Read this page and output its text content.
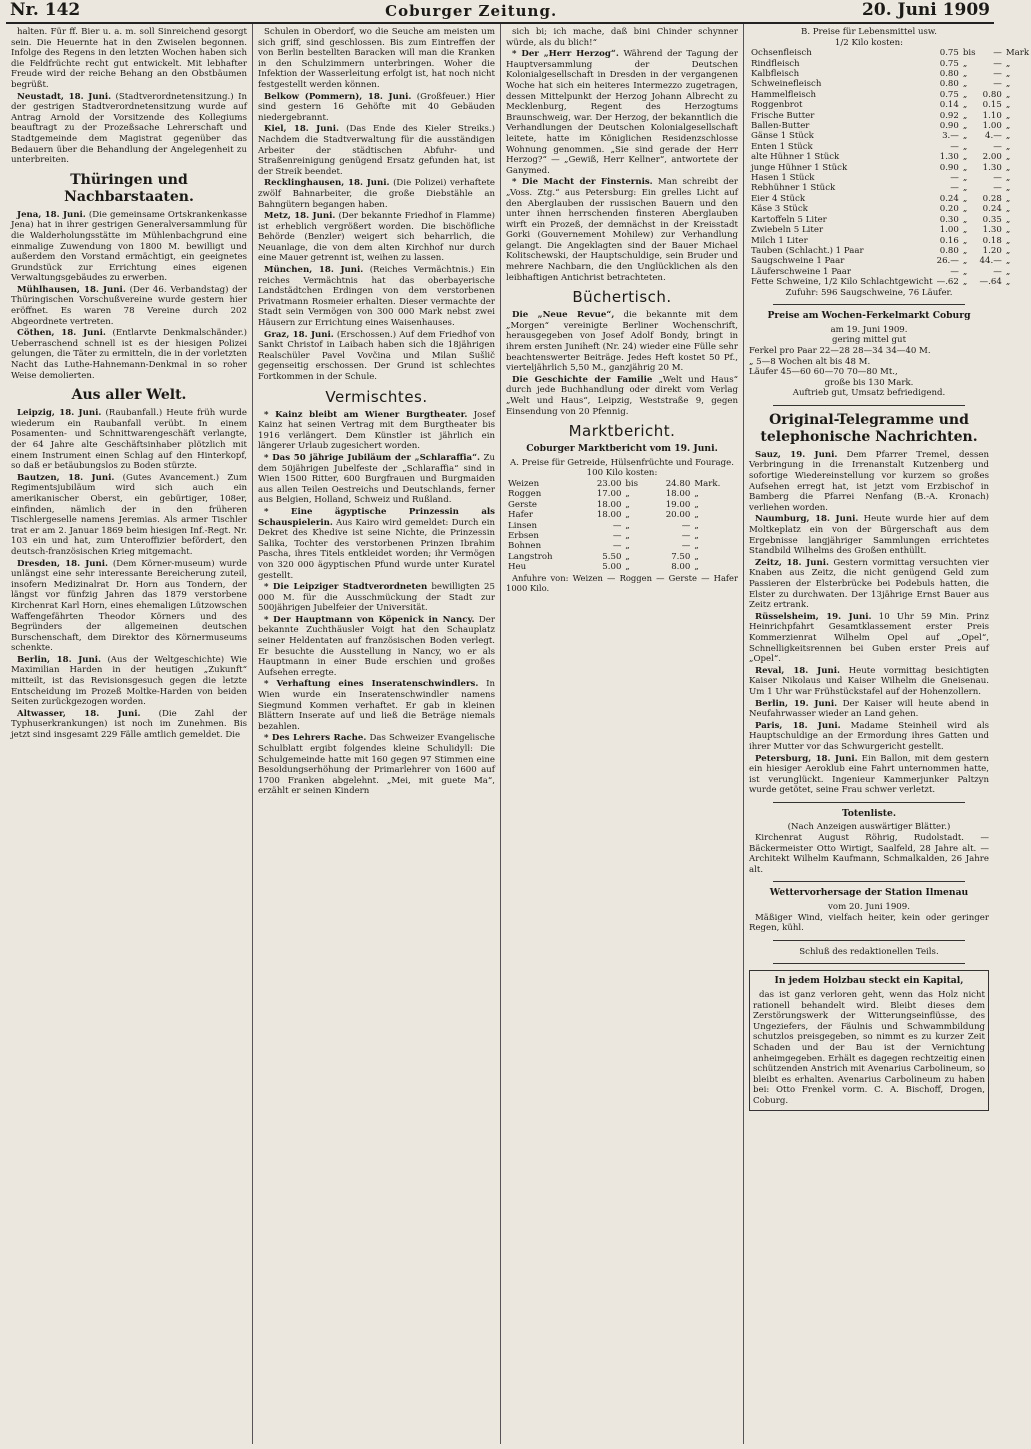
Nr. 142	Coburger Zeitung.	20. Juni 1909

halten. Für ff. Bier u. a. m. soll Sinreichend gesorgt sein. Die Heuernte hat in den Zwiselen begonnen. Infolge des Regens in den letzten Wochen haben sich die Feldfrüchte recht gut entwickelt. Mit lebhafter Freude wird der reiche Behang an den Obstbäumen begrüßt.

Neustadt, 18. Juni. (Stadtverordnetensitzung.) In der gestrigen Stadtverordnetensitzung wurde auf Antrag Arnold der Vorsitzende des Kollegiums beauftragt zu der Prozeßsache Lehrerschaft und Stadtgemeinde dem Magistrat gegenüber das Bedauern über die Behandlung der Angelegenheit zu unterbreiten.

Thüringen und Nachbarstaaten.

Jena, 18. Juni. (Die gemeinsame Ortskrankenkasse Jena) hat in ihrer gestrigen Generalversammlung für die Walderholungsstätte im Mühlenbachgrund eine einmalige Zuwendung von 1800 M. bewilligt und außerdem den Vorstand ermächtigt, ein geeignetes Grundstück zur Errichtung eines eigenen Verwaltungsgebäudes zu erwerben.

Mühlhausen, 18. Juni. (Der 46. Verbandstag) der Thüringischen Vorschußvereine wurde gestern hier eröffnet. Es waren 78 Vereine durch 202 Abgeordnete vertreten.

Cöthen, 18. Juni. (Entlarvte Denkmalschänder.) Ueberraschend schnell ist es der hiesigen Polizei gelungen, die Täter zu ermitteln, die in der vorletzten Nacht das Luthe-Hahnemann-Denkmal in so roher Weise demolierten.

Aus aller Welt.

Leipzig, 18. Juni. (Raubanfall.) Heute früh wurde wiederum ein Raubanfall verübt. In einem Posamenten- und Schnittwarengeschäft verlangte, der 64 Jahre alte Geschäftsinhaber plötzlich mit einem Instrument einen Schlag auf den Hinterkopf, so daß er betäubungslos zu Boden stürzte.

Bautzen, 18. Juni. (Gutes Avancement.) Zum Regimentsjubiläum wird sich auch ein amerikanischer Oberst, ein gebürtiger, 108er, einfinden, nämlich der in den früheren Tischlergeselle namens Jeremias. Als armer Tischler trat er am 2. Januar 1869 beim hiesigen Inf.-Regt. Nr. 103 ein und hat, zum Unteroffizier befördert, den deutsch-französischen Krieg mitgemacht.

Dresden, 18. Juni. (Dem Körner-museum) wurde unlängst eine sehr interessante Bereicherung zuteil, insofern Medizinalrat Dr. Horn aus Tondern, der längst vor fünfzig Jahren das 1879 verstorbene Kirchenrat Karl Horn, eines ehemaligen Lützowschen Waffengefährten Theodor Körners und des Begründers der allgemeinen deutschen Burschenschaft, dem Direktor des Körnermuseums schenkte.

Berlin, 18. Juni. (Aus der Weltgeschichte) Wie Maximilian Harden in der heutigen „Zukunft“ mitteilt, ist das Revisionsgesuch gegen die letzte Entscheidung im Prozeß Moltke-Harden von beiden Seiten zurückgezogen worden.

Altwasser, 18. Juni. (Die Zahl der Typhuserkrankungen) ist noch im Zunehmen. Bis jetzt sind insgesamt 229 Fälle amtlich gemeldet. Die

Schulen in Oberdorf, wo die Seuche am meisten um sich griff, sind geschlossen. Bis zum Eintreffen der von Berlin bestellten Baracken will man die Kranken in den Schulzimmern unterbringen. Woher die Infektion der Wasserleitung erfolgt ist, hat noch nicht festgestellt werden können.

Belkow (Pommern), 18. Juni. (Großfeuer.) Hier sind gestern 16 Gehöfte mit 40 Gebäuden niedergebrannt.

Kiel, 18. Juni. (Das Ende des Kieler Streiks.) Nachdem die Stadtverwaltung für die ausständigen Arbeiter der städtischen Abfuhr- und Straßenreinigung genügend Ersatz gefunden hat, ist der Streik beendet.

Recklinghausen, 18. Juni. (Die Polizei) verhaftete zwölf Bahnarbeiter, die große Diebstähle an Bahngütern begangen haben.

Metz, 18. Juni. (Der bekannte Friedhof in Flamme) ist erheblich vergrößert worden. Die bischöfliche Behörde (Benzler) weigert sich beharrlich, die Neuanlage, die von dem alten Kirchhof nur durch eine Mauer getrennt ist, weihen zu lassen.

München, 18. Juni. (Reiches Vermächtnis.) Ein reiches Vermächtnis hat das oberbayerische Landstädtchen Erdingen von dem verstorbenen Privatmann Rosmeier erhalten. Dieser vermachte der Stadt sein Vermögen von 300 000 Mark nebst zwei Häusern zur Errichtung eines Waisenhauses.

Graz, 18. Juni. (Erschossen.) Auf dem Friedhof von Sankt Christof in Laibach haben sich die 18jährigen Realschüler Pavel Vovčina und Milan Sušlič gegenseitig erschossen. Der Grund ist schlechtes Fortkommen in der Schule.

Vermischtes.

* Kainz bleibt am Wiener Burgtheater. Josef Kainz hat seinen Vertrag mit dem Burgtheater bis 1916 verlängert. Dem Künstler ist jährlich ein längerer Urlaub zugesichert worden.

* Das 50 jährige Jubiläum der „Schlaraffia“. Zu dem 50jährigen Jubelfeste der „Schlaraffia“ sind in Wien 1500 Ritter, 600 Burgfrauen und Burgmaiden aus allen Teilen Oestreichs und Deutschlands, ferner aus Belgien, Holland, Schweiz und Rußland.

* Eine ägyptische Prinzessin als Schauspielerin. Aus Kairo wird gemeldet: Durch ein Dekret des Khedive ist seine Nichte, die Prinzessin Salika, Tochter des verstorbenen Prinzen Ibrahim Pascha, ihres Titels entkleidet worden; ihr Vermögen von 320 000 ägyptischen Pfund wurde unter Kuratel gestellt.

* Die Leipziger Stadtverordneten bewilligten 25 000 M. für die Ausschmückung der Stadt zur 500jährigen Jubelfeier der Universität.

* Der Hauptmann von Köpenick in Nancy. Der bekannte Zuchthäusler Voigt hat den Schauplatz seiner Heldentaten auf französischen Boden verlegt. Er besuchte die Ausstellung in Nancy, wo er als Hauptmann in einer Bude erschien und großes Aufsehen erregte.

* Verhaftung eines Inseratenschwindlers. In Wien wurde ein Inseratenschwindler namens Siegmund Kommen verhaftet. Er gab in kleinen Blättern Inserate auf und ließ die Beträge niemals bezahlen.

* Des Lehrers Rache. Das Schweizer Evangelische Schulblatt ergibt folgendes kleine Schulidyll: Die Schulgemeinde hatte mit 160 gegen 97 Stimmen eine Besoldungserhöhung der Primarlehrer von 1600 auf 1700 Franken abgelehnt. „Mei, mit guete Ma“, erzählt er seinen Kindern

sich bi; ich mache, daß bini Chinder schynner würde, als du blich!“

* Der „Herr Herzog“. Während der Tagung der Hauptversammlung der Deutschen Kolonialgesellschaft in Dresden in der vergangenen Woche hat sich ein heiteres Intermezzo zugetragen, dessen Mittelpunkt der Herzog Johann Albrecht zu Mecklenburg, Regent des Herzogtums Braunschweig, war. Der Herzog, der bekanntlich die Verhandlungen der Deutschen Kolonialgesellschaft leitete, hatte im Königlichen Residenzschlosse Wohnung genommen. „Sie sind gerade der Herr Herzog?“ — „Gewiß, Herr Kellner“, antwortete der Ganymed.

* Die Macht der Finsternis. Man schreibt der „Voss. Ztg.“ aus Petersburg: Ein grelles Licht auf den Aberglauben der russischen Bauern und den unter ihnen herrschenden finsteren Aberglauben wirft ein Prozeß, der demnächst in der Kreisstadt Gorki (Gouvernement Mohilew) zur Verhandlung gelangt. Die Angeklagten sind der Bauer Michael Kolitschewski, der Hauptschuldige, sein Bruder und mehrere Nachbarn, die den Unglücklichen als den leibhaftigen Antichrist betrachteten.

Büchertisch.

Die „Neue Revue“, die bekannte mit dem „Morgen“ vereinigte Berliner Wochenschrift, herausgegeben von Josef Adolf Bondy, bringt in ihrem ersten Juniheft (Nr. 24) wieder eine Fülle sehr beachtenswerter Beiträge. Jedes Heft kostet 50 Pf., vierteljährlich 5,50 M., ganzjährig 20 M.

Die Geschichte der Familie „Welt und Haus“ durch jede Buchhandlung oder direkt vom Verlag „Welt und Haus“, Leipzig, Weststraße 9, gegen Einsendung von 20 Pfennig.

Marktbericht.
Coburger Marktbericht vom 19. Juni.
A. Preise für Getreide, Hülsenfrüchte und Fourage.
100 Kilo kosten:
Weizen	23.00	bis	24.80	Mark.
Roggen	17.00	„	18.00	„
Gerste	18.00	„	19.00	„
Hafer	18.00	„	20.00	„
Linsen	—	„	—	„
Erbsen	—	„	—	„
Bohnen	—	„	—	„
Langstroh	5.50	„	7.50	„
Heu	5.00	„	8.00	„

Anfuhre von: Weizen — Roggen — Gerste — Hafer 1000 Kilo.

B. Preise für Lebensmittel usw.
1/2 Kilo kosten:
Ochsenfleisch	0.75	bis	—	Mark
Rindfleisch	0.75	„	—	„
Kalbfleisch	0.80	„	—	„
Schweinefleisch	0.80	„	—	„
Hammelfleisch	0.75	„	0.80	„
Roggenbrot	0.14	„	0.15	„
Frische Butter	0.92	„	1.10	„
Ballen-Butter	0.90	„	1.00	„
Gänse 1 Stück	3.—	„	4.—	„
Enten 1 Stück	—	„	—	„
alte Hühner 1 Stück	1.30	„	2.00	„
junge Hühner 1 Stück	0.90	„	1.30	„
Hasen 1 Stück	—	„	—	„
Rebhühner 1 Stück	—	„	—	„
Eier 4 Stück	0.24	„	0.28	„
Käse 3 Stück	0.20	„	0.24	„
Kartoffeln 5 Liter	0.30	„	0.35	„
Zwiebeln 5 Liter	1.00	„	1.30	„
Milch 1 Liter	0.16	„	0.18	„
Tauben (Schlacht.) 1 Paar	0.80	„	1.20	„
Saugschweine 1 Paar	26.—	„	44.—	„
Läuferschweine 1 Paar	—	„	—	„
Fette Schweine, 1/2 Kilo Schlachtgewicht	—.62	„	—.64	„
Zufuhr: 596 Saugschweine, 76 Läufer.
Preise am Wochen-Ferkelmarkt Coburg
am 19. Juni 1909.
gering mittel gut
Ferkel pro Paar 22—28 28—34 34—40 M.
„ 5—8 Wochen alt bis 48 M.
Läufer 45—60 60—70 70—80 Mt.,
große bis 130 Mark.
Auftrieb gut, Umsatz befriedigend.
Original-Telegramme und telephonische Nachrichten.

Sauz, 19. Juni. Dem Pfarrer Tremel, dessen Verbringung in die Irrenanstalt Kutzenberg und sofortige Wiedereinstellung vor kurzem so großes Aufsehen erregt hat, ist jetzt vom Erzbischof in Bamberg die Pfarrei Nenfang (B.-A. Kronach) verliehen worden.

Naumburg, 18. Juni. Heute wurde hier auf dem Moltkeplatz ein von der Bürgerschaft aus dem Ergebnisse langjähriger Sammlungen errichtetes Standbild Wilhelms des Großen enthüllt.

Zeitz, 18. Juni. Gestern vormittag versuchten vier Knaben aus Zeitz, die nicht genügend Geld zum Passieren der Elsterbrücke bei Podebuls hatten, die Elster zu durchwaten. Der 13jährige Ernst Bauer aus Zeitz ertrank.

Rüsselsheim, 19. Juni. 10 Uhr 59 Min. Prinz Heinrichpfahrt Gesamtklassement erster Preis Kommerzienrat Wilhelm Opel auf „Opel“, Schnelligkeitsrennen bei Guben erster Preis auf „Opel“.

Reval, 18. Juni. Heute vormittag besichtigten Kaiser Nikolaus und Kaiser Wilhelm die Gneisenau. Um 1 Uhr war Frühstückstafel auf der Hohenzollern.

Berlin, 19. Juni. Der Kaiser will heute abend in Neufahrwasser wieder an Land gehen.

Paris, 18. Juni. Madame Steinheil wird als Hauptschuldige an der Ermordung ihres Gatten und ihrer Mutter vor das Schwurgericht gestellt.

Petersburg, 18. Juni. Ein Ballon, mit dem gestern ein hiesiger Aeroklub eine Fahrt unternommen hatte, ist verunglückt. Ingenieur Kammerjunker Paltzyn wurde getötet, seine Frau schwer verletzt.

Totenliste.
(Nach Anzeigen auswärtiger Blätter.)

Kirchenrat August Röhrig, Rudolstadt. — Bäckermeister Otto Wirtigt, Saalfeld, 28 Jahre alt. — Architekt Wilhelm Kaufmann, Schmalkalden, 26 Jahre alt.

Wettervorhersage der Station Ilmenau
vom 20. Juni 1909.

Mäßiger Wind, vielfach heiter, kein oder geringer Regen, kühl.

Schluß des redaktionellen Teils.
In jedem Holzbau steckt ein Kapital,

das ist ganz verloren geht, wenn das Holz nicht rationell behandelt wird. Bleibt dieses dem Zerstörungswerk der Witterungseinflüsse, des Ungeziefers, der Fäulnis und Schwammbildung schutzlos preisgegeben, so nimmt es zu kurzer Zeit Schaden und der Bau ist der Vernichtung anheimgegeben. Erhält es dagegen rechtzeitig einen schützenden Anstrich mit Avenarius Carbolineum, so bleibt es erhalten. Avenarius Carbolineum zu haben bei: Otto Frenkel vorm. C. A. Bischoff, Drogen, Coburg.
